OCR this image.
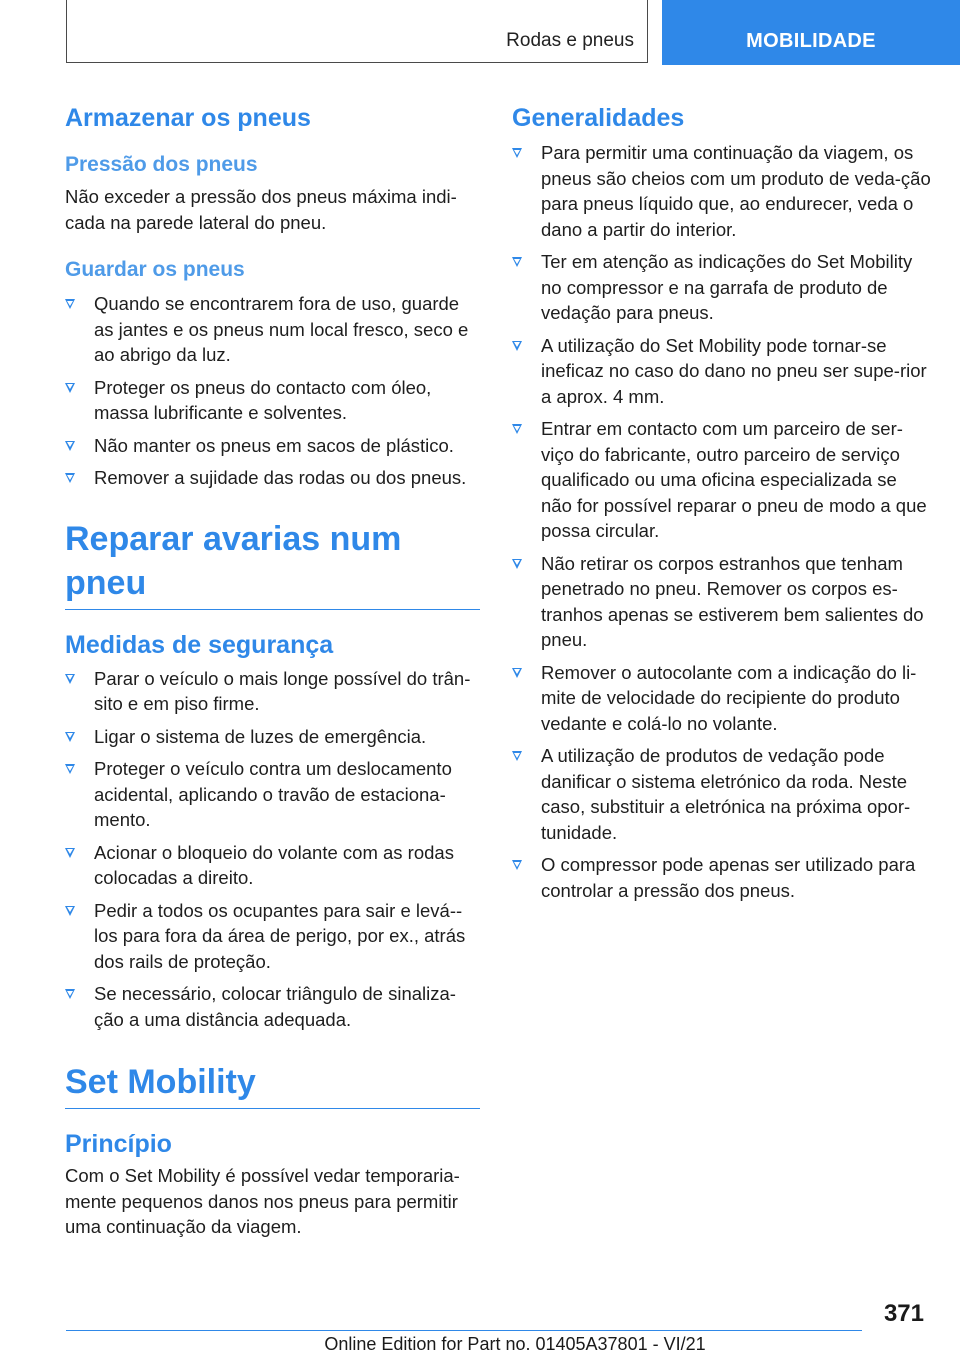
Rodas e pneus	MOBILIDADE
Armazenar os pneus
Pressão dos pneus

Não exceder a pressão dos pneus máxima indi-cada na parede lateral do pneu.

Guardar os pneus
Quando se encontrarem fora de uso, guarde as jantes e os pneus num local fresco, seco e ao abrigo da luz.
Proteger os pneus do contacto com óleo, massa lubrificante e solventes.
Não manter os pneus em sacos de plástico.
Remover a sujidade das rodas ou dos pneus.
Reparar avarias num pneu
Medidas de segurança
Parar o veículo o mais longe possível do trân-sito e em piso firme.
Ligar o sistema de luzes de emergência.
Proteger o veículo contra um deslocamento acidental, aplicando o travão de estaciona-mento.
Acionar o bloqueio do volante com as rodas colocadas a direito.
Pedir a todos os ocupantes para sair e levá--los para fora da área de perigo, por ex., atrás dos rails de proteção.
Se necessário, colocar triângulo de sinaliza-ção a uma distância adequada.
Set Mobility
Princípio

Com o Set Mobility é possível vedar temporaria-mente pequenos danos nos pneus para permitir uma continuação da viagem.

Generalidades
Para permitir uma continuação da viagem, os pneus são cheios com um produto de veda-ção para pneus líquido que, ao endurecer, veda o dano a partir do interior.
Ter em atenção as indicações do Set Mobility no compressor e na garrafa de produto de vedação para pneus.
A utilização do Set Mobility pode tornar-se ineficaz no caso do dano no pneu ser supe-rior a aprox. 4 mm.
Entrar em contacto com um parceiro de ser-viço do fabricante, outro parceiro de serviço qualificado ou uma oficina especializada se não for possível reparar o pneu de modo a que possa circular.
Não retirar os corpos estranhos que tenham penetrado no pneu. Remover os corpos es-tranhos apenas se estiverem bem salientes do pneu.
Remover o autocolante com a indicação do li-mite de velocidade do recipiente do produto vedante e colá-lo no volante.
A utilização de produtos de vedação pode danificar o sistema eletrónico da roda. Neste caso, substituir a eletrónica na próxima opor-tunidade.
O compressor pode apenas ser utilizado para controlar a pressão dos pneus.
371
Online Edition for Part no. 01405A37801 - VI/21
